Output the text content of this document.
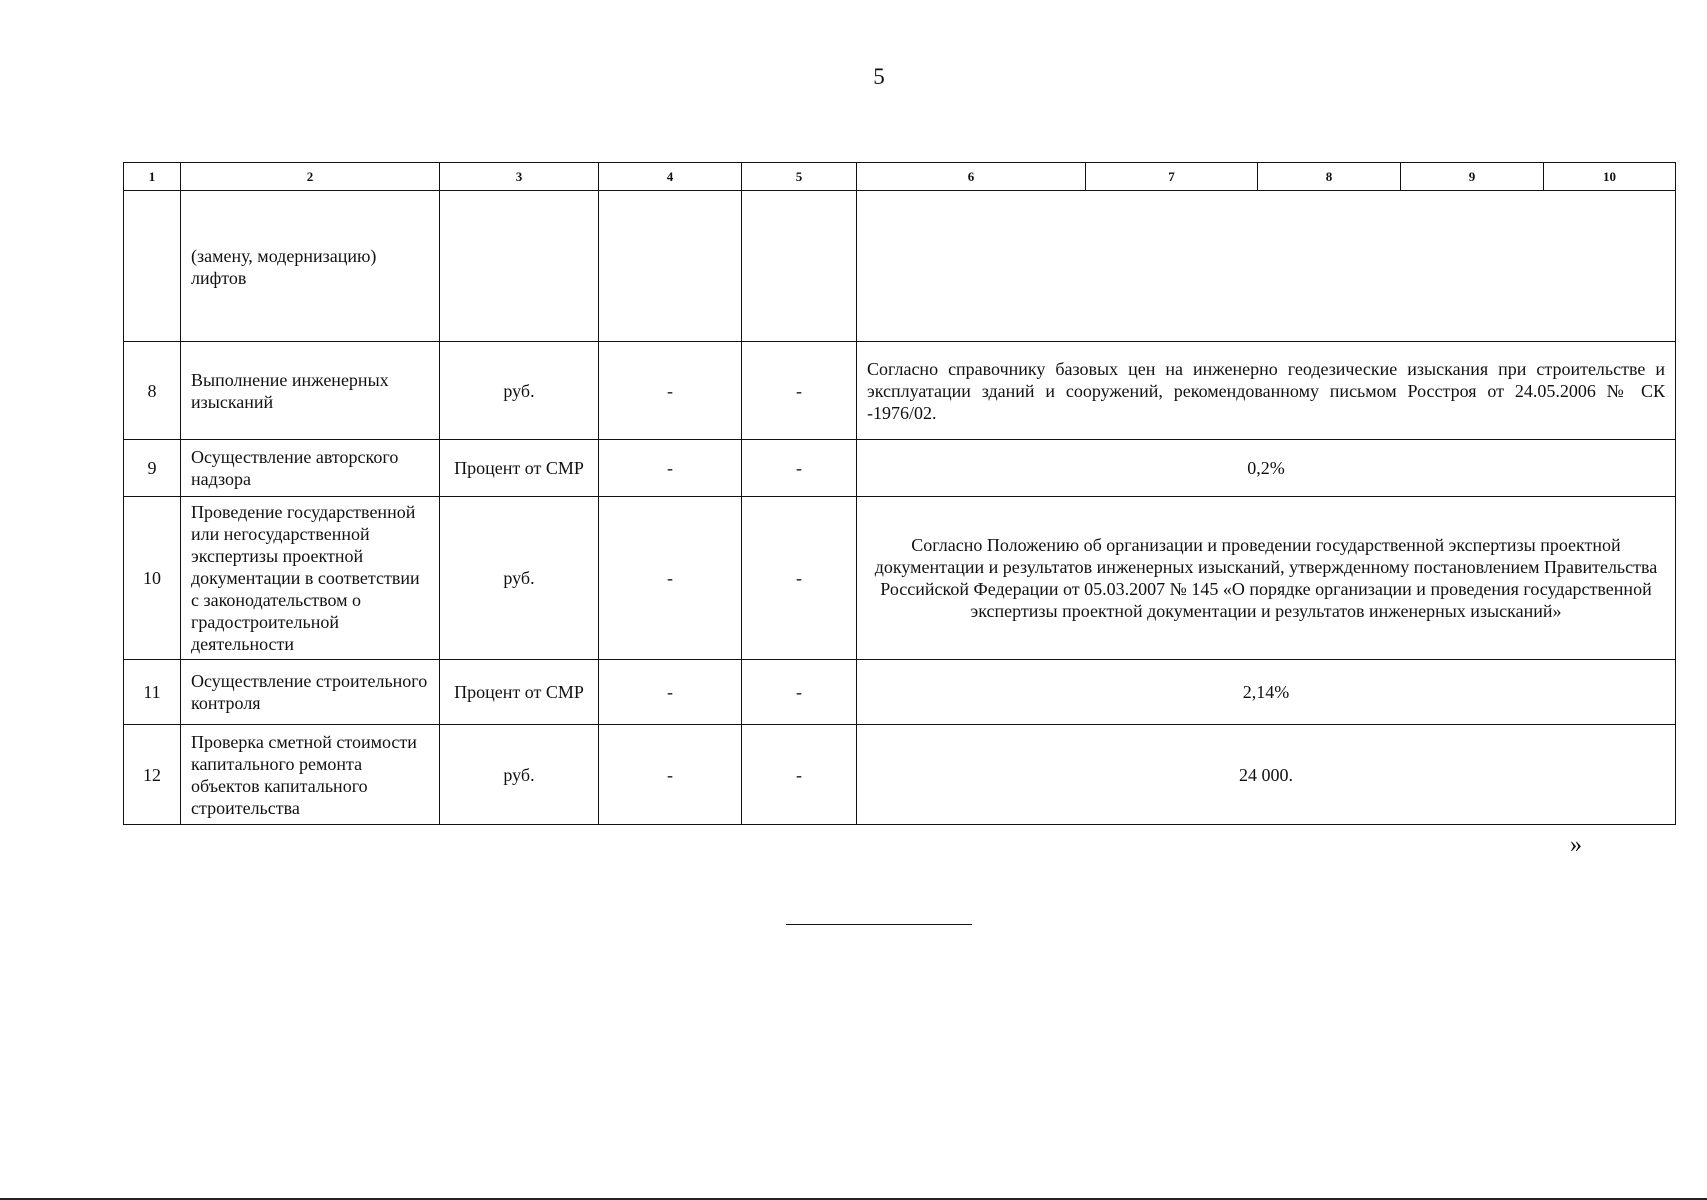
5
1	2	3	4	5	6	7	8	9	10
	(замену, модернизацию) лифтов								
8	Выполнение инженерных изысканий	руб.	-	-	Согласно справочнику базовых цен на инженерно геодезические изыскания при строительстве и эксплуатации зданий и сооружений, рекомендованному письмом Росстроя от 24.05.2006 № СК -1976/02.				
9	Осуществление авторского надзора	Процент от СМР	-	-	0,2%				
10	Проведение государственной или негосударственной экспертизы проектной документации в соответствии с законодательством о градостроительной деятельности	руб.	-	-	Согласно Положению об организации и проведении государственной экспертизы проектной документации и результатов инженерных изысканий, утвержденному постановлением Правительства Российской Федерации от 05.03.2007 № 145 «О порядке организации и проведения государственной экспертизы проектной документации и результатов инженерных изысканий»				
11	Осуществление строительного контроля	Процент от СМР	-	-	2,14%				
12	Проверка сметной стоимости капитального ремонта объектов капитального строительства	руб.	-	-	24 000.				
»
